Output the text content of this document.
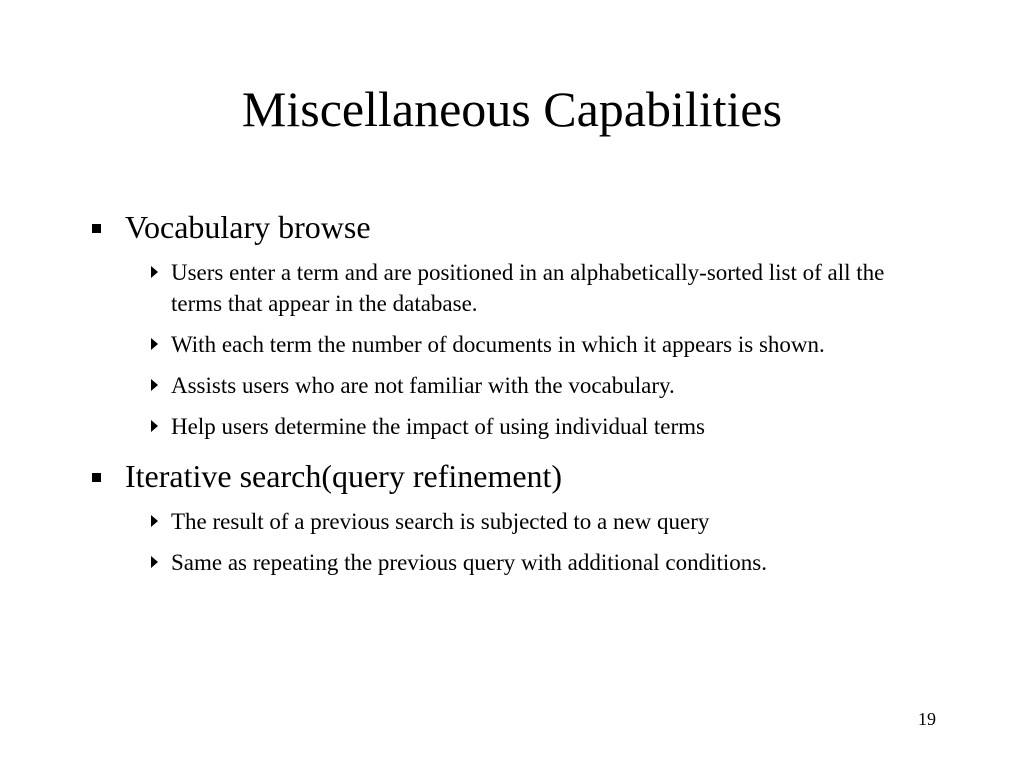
Miscellaneous Capabilities
Vocabulary browse
Users enter a term and are positioned in an alphabetically-sorted list of all the terms that appear in the database.
With each term the number of documents in which it appears is shown.
Assists users who are not familiar with the vocabulary.
Help users determine the impact of using individual terms
Iterative search(query refinement)
The result of a previous search is subjected to a new query
Same as repeating the previous query with additional conditions.
19
